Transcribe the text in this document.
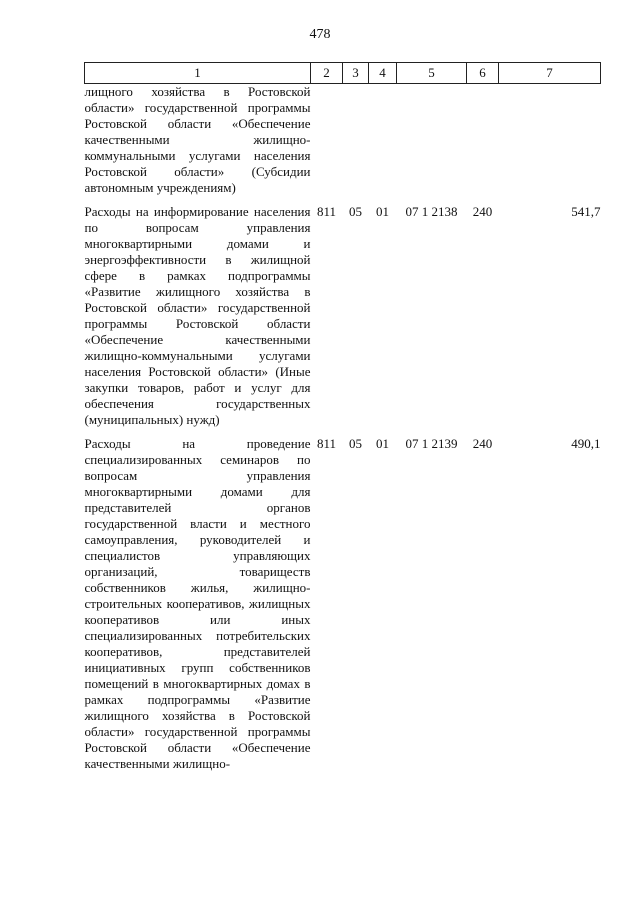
478
1	2	3	4	5	6	7
лищного хозяйства в Ростовской области» государственной программы Ростовской области «Обеспечение качественными жилищно-коммунальными услугами населения Ростовской области» (Субсидии автономным учреждениям)						
Расходы на информирование населения по вопросам управления многоквартирными домами и энергоэффективности в жилищной сфере в рамках подпрограммы «Развитие жилищного хозяйства в Ростовской области» государственной программы Ростовской области «Обеспечение качественными жилищно-коммунальными услугами населения Ростовской области» (Иные закупки товаров, работ и услуг для обеспечения государственных (муниципальных) нужд)	811	05	01	07 1 2138	240	541,7
Расходы на проведение специализированных семинаров по вопросам управления многоквартирными домами для представителей органов государственной власти и местного самоуправления, руководителей и специалистов управляющих организаций, товариществ собственников жилья, жилищно-строительных кооперативов, жилищных кооперативов или иных специализированных потребительских кооперативов, представителей инициативных групп собственников помещений в многоквартирных домах в рамках подпрограммы «Развитие жилищного хозяйства в Ростовской области» государственной программы Ростовской области «Обеспечение качественными жилищно-	811	05	01	07 1 2139	240	490,1
